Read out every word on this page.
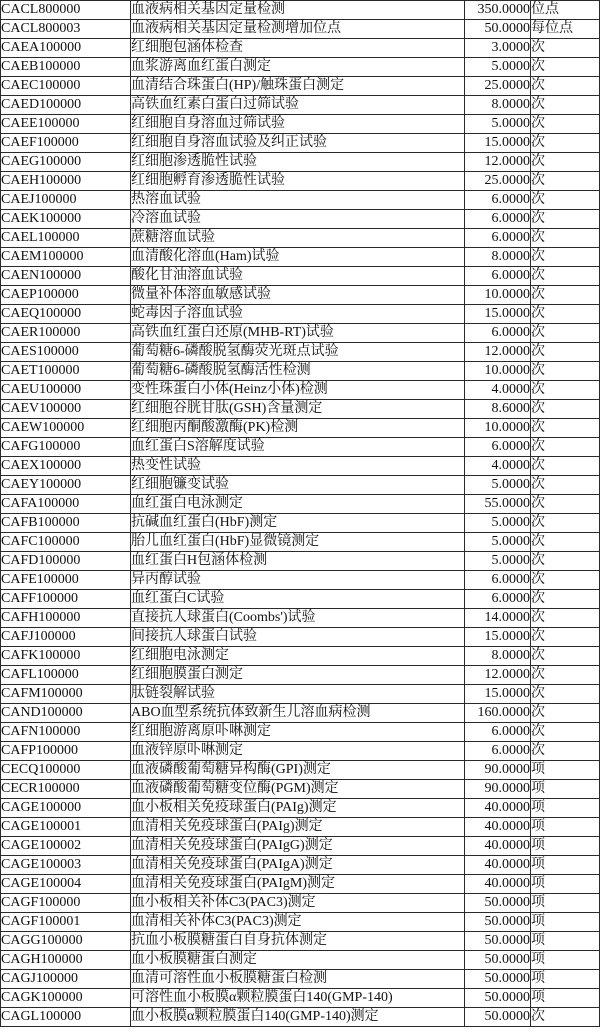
CACL800000	血液病相关基因定量检测	350.0000	位点
CACL800003	血液病相关基因定量检测增加位点	50.0000	每位点
CAEA100000	红细胞包涵体检查	3.0000	次
CAEB100000	血浆游离血红蛋白测定	5.0000	次
CAEC100000	血清结合珠蛋白(HP)/触珠蛋白测定	25.0000	次
CAED100000	高铁血红素白蛋白过筛试验	8.0000	次
CAEE100000	红细胞自身溶血过筛试验	5.0000	次
CAEF100000	红细胞自身溶血试验及纠正试验	15.0000	次
CAEG100000	红细胞渗透脆性试验	12.0000	次
CAEH100000	红细胞孵育渗透脆性试验	25.0000	次
CAEJ100000	热溶血试验	6.0000	次
CAEK100000	冷溶血试验	6.0000	次
CAEL100000	蔗糖溶血试验	6.0000	次
CAEM100000	血清酸化溶血(Ham)试验	8.0000	次
CAEN100000	酸化甘油溶血试验	6.0000	次
CAEP100000	微量补体溶血敏感试验	10.0000	次
CAEQ100000	蛇毒因子溶血试验	15.0000	次
CAER100000	高铁血红蛋白还原(MHB-RT)试验	6.0000	次
CAES100000	葡萄糖6-磷酸脱氢酶荧光斑点试验	12.0000	次
CAET100000	葡萄糖6-磷酸脱氢酶活性检测	10.0000	次
CAEU100000	变性珠蛋白小体(Heinz小体)检测	4.0000	次
CAEV100000	红细胞谷胱甘肽(GSH)含量测定	8.6000	次
CAEW100000	红细胞丙酮酸激酶(PK)检测	10.0000	次
CAFG100000	血红蛋白S溶解度试验	6.0000	次
CAEX100000	热变性试验	4.0000	次
CAEY100000	红细胞镰变试验	5.0000	次
CAFA100000	血红蛋白电泳测定	55.0000	次
CAFB100000	抗碱血红蛋白(HbF)测定	5.0000	次
CAFC100000	胎儿血红蛋白(HbF)显微镜测定	5.0000	次
CAFD100000	血红蛋白H包涵体检测	5.0000	次
CAFE100000	异丙醇试验	6.0000	次
CAFF100000	血红蛋白C试验	6.0000	次
CAFH100000	直接抗人球蛋白(Coombs')试验	14.0000	次
CAFJ100000	间接抗人球蛋白试验	15.0000	次
CAFK100000	红细胞电泳测定	8.0000	次
CAFL100000	红细胞膜蛋白测定	12.0000	次
CAFM100000	肽链裂解试验	15.0000	次
CAND100000	ABO血型系统抗体致新生儿溶血病检测	160.0000	次
CAFN100000	红细胞游离原卟啉测定	6.0000	次
CAFP100000	血液锌原卟啉测定	6.0000	次
CECQ100000	血液磷酸葡萄糖异构酶(GPI)测定	90.0000	项
CECR100000	血液磷酸葡萄糖变位酶(PGM)测定	90.0000	项
CAGE100000	血小板相关免疫球蛋白(PAIg)测定	40.0000	项
CAGE100001	血清相关免疫球蛋白(PAIg)测定	40.0000	项
CAGE100002	血清相关免疫球蛋白(PAIgG)测定	40.0000	项
CAGE100003	血清相关免疫球蛋白(PAIgA)测定	40.0000	项
CAGE100004	血清相关免疫球蛋白(PAIgM)测定	40.0000	项
CAGF100000	血小板相关补体C3(PAC3)测定	50.0000	项
CAGF100001	血清相关补体C3(PAC3)测定	50.0000	项
CAGG100000	抗血小板膜糖蛋白自身抗体测定	50.0000	项
CAGH100000	血小板膜糖蛋白测定	50.0000	项
CAGJ100000	血清可溶性血小板膜糖蛋白检测	50.0000	项
CAGK100000	可溶性血小板膜α颗粒膜蛋白140(GMP-140)	50.0000	项
CAGL100000	血小板膜α颗粒膜蛋白140(GMP-140)测定	50.0000	次
